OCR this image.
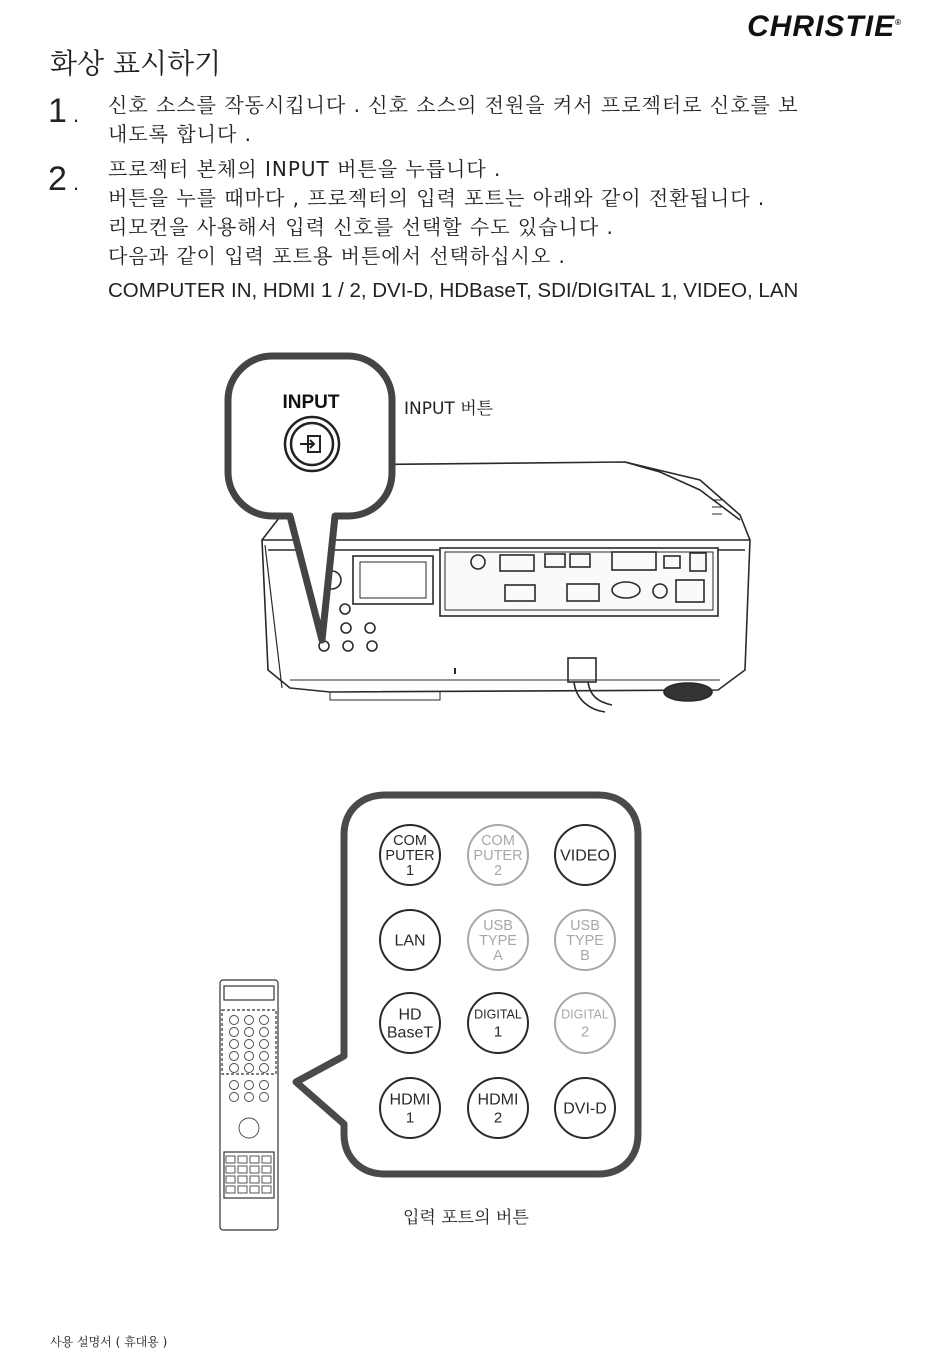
CHRISTIE®
화상 표시하기
1 . 신호 소스를 작동시킵니다 . 신호 소스의 전원을 켜서 프로젝터로 신호를 보
내도록 합니다 .
2 .
프로젝터 본체의 INPUT 버튼을 누릅니다 .
버튼을 누를 때마다 , 프로젝터의 입력 포트는 아래와 같이 전환됩니다 .
리모컨을 사용해서 입력 신호를 선택할 수도 있습니다 .
다음과 같이 입력 포트용 버튼에서 선택하십시오 .
COMPUTER IN, HDMI 1 / 2, DVI-D, HDBaseT, SDI/DIGITAL 1, VIDEO, LAN
INPUT	INPUT 버튼
COM
PUTER
1
COM
PUTER
2
VIDEO
LAN
USB
TYPE
A
USB
TYPE
B
HD
BaseT
DIGITAL
1
DIGITAL
2
HDMI
1
HDMI
2
DVI-D
입력 포트의 버튼
사용 설명서 ( 휴대용 )
